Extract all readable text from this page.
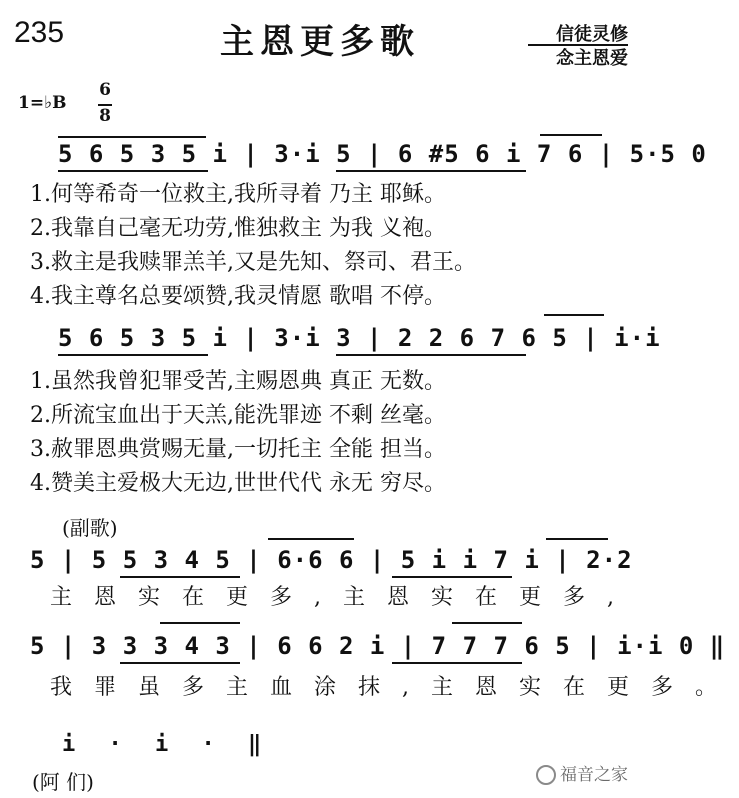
235	主恩更多歌	信徒灵修
念主恩爱
1=♭B
6
8
5 6 5 3 5 i | 3·i 5 | 6 #5 6 i 7 6 | 5·5 0
1.何等希奇一位救主,我所寻着 乃主 耶稣。
2.我靠自己毫无功劳,惟独救主 为我 义袍。
3.救主是我赎罪羔羊,又是先知、祭司、君王。
4.我主尊名总要颂赞,我灵情愿 歌唱 不停。
5 6 5 3 5 i | 3·i 3 | 2 2 6 7 6 5 | i·i
1.虽然我曾犯罪受苦,主赐恩典 真正 无数。
2.所流宝血出于天羔,能洗罪迹 不剩 丝毫。
3.赦罪恩典赏赐无量,一切托主 全能 担当。
4.赞美主爱极大无边,世世代代 永无 穷尽。
(副歌)
5 | 5 5 3 4 5 | 6·6 6 | 5 i i 7 i | 2·2
主恩实在更多,主恩实在更多,
5 | 3 3 3 4 3 | 6 6 2 i | 7 7 7 6 5 | i·i 0 ‖
我罪虽多主血涂抹,主恩实在更多。
i · i · ‖
(阿 们)	福音之家
